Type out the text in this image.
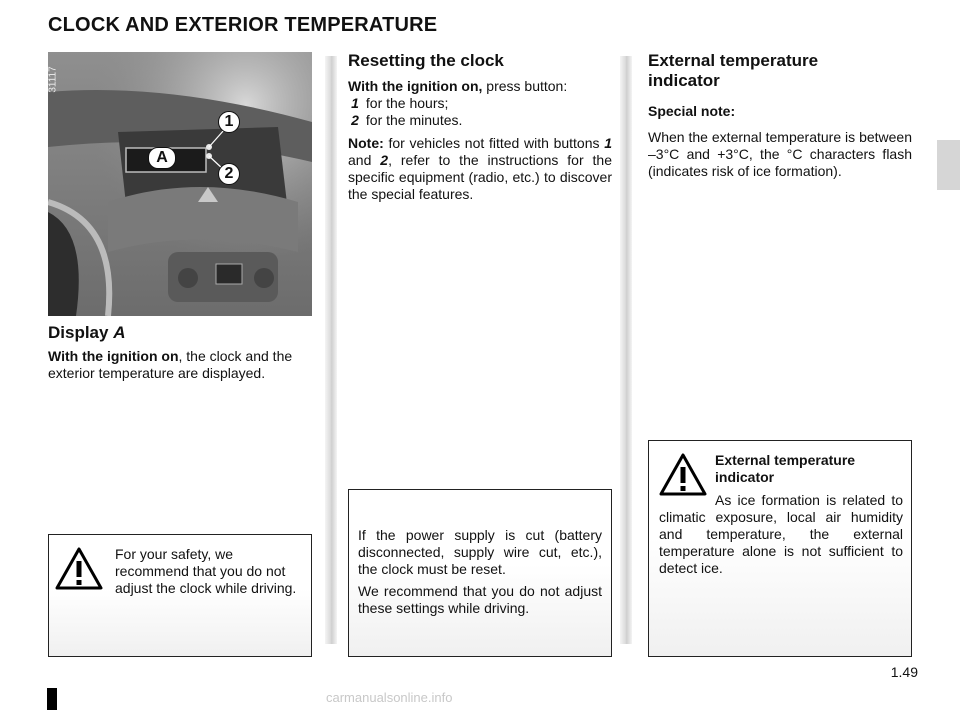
CLOCK AND EXTERIOR TEMPERATURE
31117
A
1
2
Display A

With the ignition on, the clock and the exterior temperature are displayed.

Resetting the clock

With the ignition on, press button:

1 for the hours;

2 for the minutes.

Note: for vehicles not fitted with buttons 1 and 2, refer to the instructions for the specific equipment (radio, etc.) to discover the special features.

External temperature
indicator

Special note:

When the external temperature is between –3°C and +3°C, the °C characters flash (indicates risk of ice formation).

For your safety, we recommend that you do not adjust the clock while driving.

If the power supply is cut (battery disconnected, supply wire cut, etc.), the clock must be reset.

We recommend that you do not adjust these settings while driving.

External temperature indicator

As ice formation is related to climatic exposure, local air humidity and temperature, the external temperature alone is not sufficient to detect ice.

1.49
carmanualsonline.info
